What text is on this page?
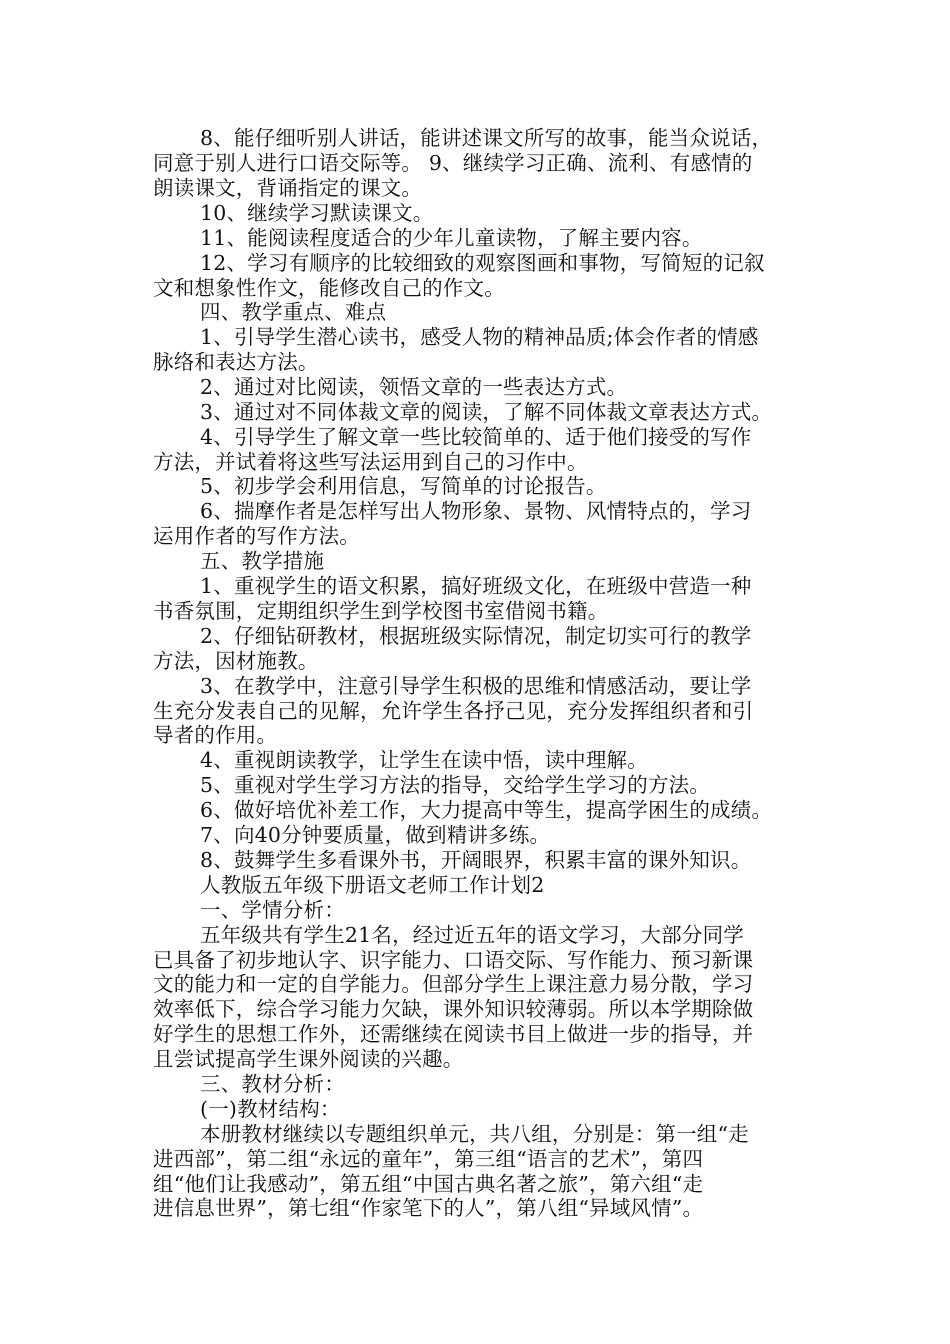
8、能仔细听别人讲话，能讲述课文所写的故事，能当众说话，
同意于别人进行口语交际等。 9、继续学习正确、流利、有感情的
朗读课文，背诵指定的课文。
10、继续学习默读课文。
11、能阅读程度适合的少年儿童读物，了解主要内容。
12、学习有顺序的比较细致的观察图画和事物，写简短的记叙
文和想象性作文，能修改自己的作文。
四、教学重点、难点
1、引导学生潜心读书，感受人物的精神品质;体会作者的情感
脉络和表达方法。
2、通过对比阅读，领悟文章的一些表达方式。
3、通过对不同体裁文章的阅读，了解不同体裁文章表达方式。
4、引导学生了解文章一些比较简单的、适于他们接受的写作
方法，并试着将这些写法运用到自己的习作中。
5、初步学会利用信息，写简单的讨论报告。
6、揣摩作者是怎样写出人物形象、景物、风情特点的，学习
运用作者的写作方法。
五、教学措施
1、重视学生的语文积累，搞好班级文化，在班级中营造一种
书香氛围，定期组织学生到学校图书室借阅书籍。
2、仔细钻研教材，根据班级实际情况，制定切实可行的教学
方法，因材施教。
3、在教学中，注意引导学生积极的思维和情感活动，要让学
生充分发表自己的见解，允许学生各抒己见，充分发挥组织者和引
导者的作用。
4、重视朗读教学，让学生在读中悟，读中理解。
5、重视对学生学习方法的指导，交给学生学习的方法。
6、做好培优补差工作，大力提高中等生，提高学困生的成绩。
7、向40分钟要质量，做到精讲多练。
8、鼓舞学生多看课外书，开阔眼界，积累丰富的课外知识。
人教版五年级下册语文老师工作计划2
一、学情分析：
五年级共有学生21名，经过近五年的语文学习，大部分同学
已具备了初步地认字、识字能力、口语交际、写作能力、预习新课
文的能力和一定的自学能力。但部分学生上课注意力易分散，学习
效率低下，综合学习能力欠缺，课外知识较薄弱。所以本学期除做
好学生的思想工作外，还需继续在阅读书目上做进一步的指导，并
且尝试提高学生课外阅读的兴趣。
三、教材分析：
(一)教材结构：
本册教材继续以专题组织单元，共八组，分别是：第一组“走
进西部”，第二组“永远的童年”，第三组“语言的艺术”，第四
组“他们让我感动”，第五组“中国古典名著之旅”，第六组“走
进信息世界”，第七组“作家笔下的人”，第八组“异域风情”。
